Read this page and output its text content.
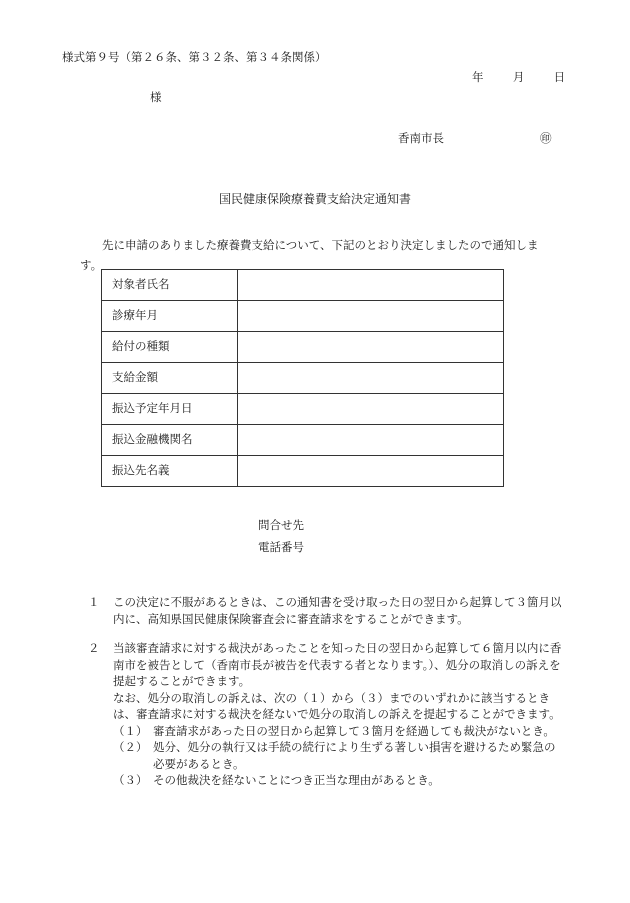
様式第９号（第２６条、第３２条、第３４条関係）
年	月	日
様
香南市長	㊞
国民健康保険療養費支給決定通知書
先に申請のありました療養費支給について、下記のとおり決定しましたので通知します。
対象者氏名	
診療年月	
給付の種類	
支給金額	
振込予定年月日	
振込金融機関名	
振込先名義	
問合せ先
電話番号
１ この決定に不服があるときは、この通知書を受け取った日の翌日から起算して３箇月以内に、高知県国民健康保険審査会に審査請求をすることができます。

２ 当該審査請求に対する裁決があったことを知った日の翌日から起算して６箇月以内に香南市を被告として（香南市長が被告を代表する者となります。）、処分の取消しの訴えを提起することができます。

なお、処分の取消しの訴えは、次の（１）から（３）までのいずれかに該当するときは、審査請求に対する裁決を経ないで処分の取消しの訴えを提起することができます。

（１） 審査請求があった日の翌日から起算して３箇月を経過しても裁決がないとき。

（２） 処分、処分の執行又は手続の続行により生ずる著しい損害を避けるため緊急の必要があるとき。

（３） その他裁決を経ないことにつき正当な理由があるとき。
